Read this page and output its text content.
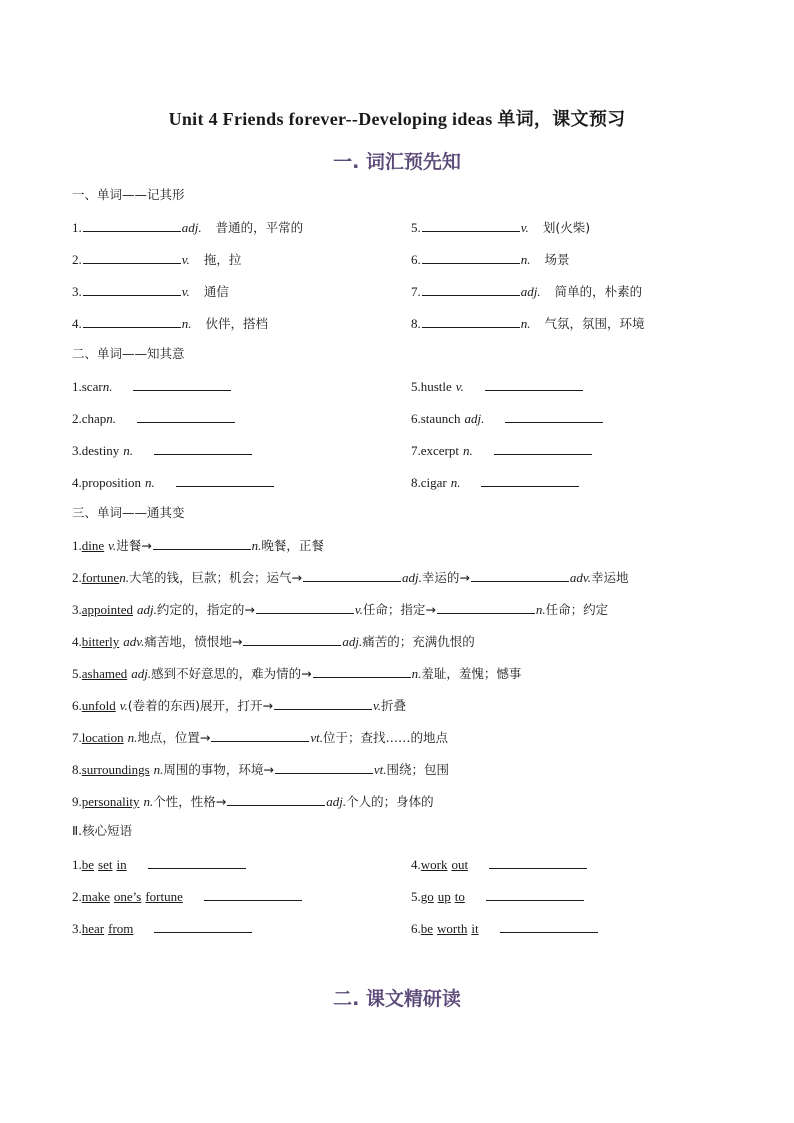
Unit 4 Friends forever--Developing ideas 单词，课文预习
一. 词汇预先知
一、单词——记其形
1.	adj. 普通的，平常的
2.	v. 拖，拉
3.	v. 通信
4.	n. 伙伴，搭档
5.	v. 划(火柴)
6.	n. 场景
7.	adj. 简单的，朴素的
8.	n. 气氛，氛围，环境
二、单词——知其意
1.scarn.
2.chapn.
3.destiny n.
4.proposition n.
5.hustle v.
6.staunch adj.
7.excerpt n.
8.cigar n.
三、单词——通其变
1.dine v.进餐→	n.晚餐，正餐
2.fortunen.大笔的钱，巨款；机会；运气→	adj.幸运的→	adv.幸运地
3.appointed adj.约定的，指定的→	v.任命；指定→	n.任命；约定
4.bitterly adv.痛苦地，愤恨地→	adj.痛苦的；充满仇恨的
5.ashamed adj.感到不好意思的，难为情的→	n.羞耻，羞愧；憾事
6.unfold v.(卷着的东西)展开，打开→	v.折叠
7.location n.地点，位置→	vt.位于；查找……的地点
8.surroundings n.周围的事物，环境→	vt.围绕；包围
9.personality n.个性，性格→	adj.个人的；身体的
Ⅱ.核心短语
1.be set in
2.make one’s fortune
3.hear from
4.work out
5.go up to
6.be worth it
二. 课文精研读
